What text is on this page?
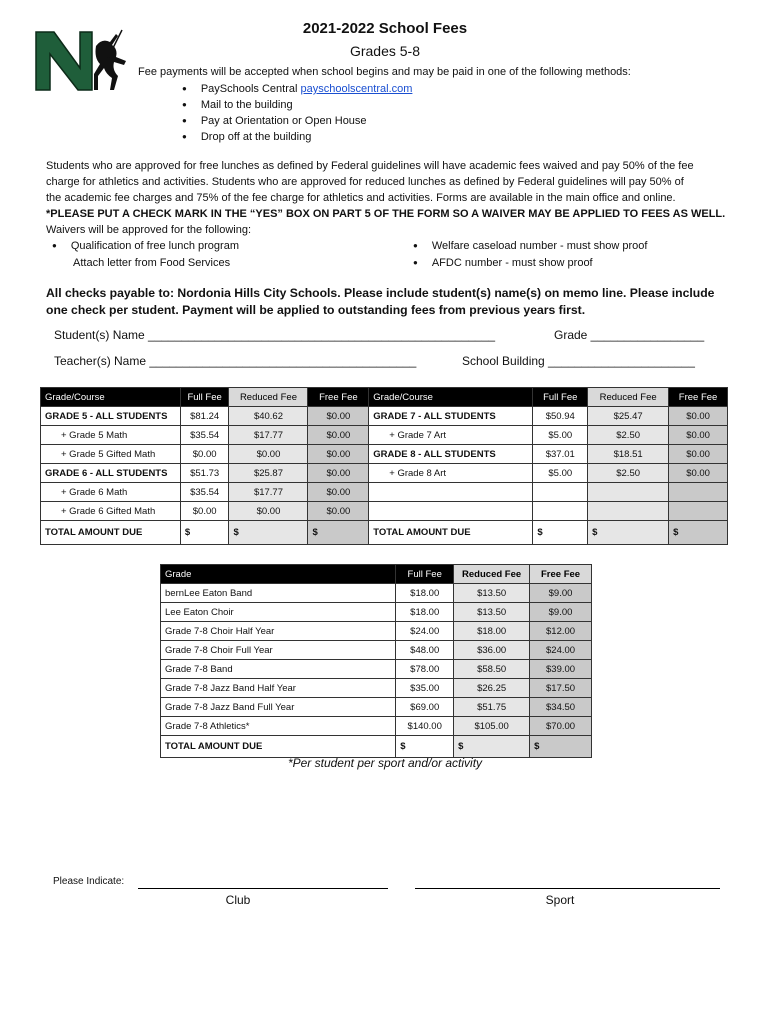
2021-2022 School Fees
Grades 5-8
Fee payments will be accepted when school begins and may be paid in one of the following methods:
● PaySchools Central payschoolscentral.com
● Mail to the building
● Pay at Orientation or Open House
● Drop off at the building

Students who are approved for free lunches as defined by Federal guidelines will have academic fees waived and pay 50% of the fee

charge for athletics and activities. Students who are approved for reduced lunches as defined by Federal guidelines will pay 50% of

the academic fee charges and 75% of the fee charge for athletics and activities. Forms are available in the main office and online.

*PLEASE PUT A CHECK MARK IN THE “YES” BOX ON PART 5 OF THE FORM SO A WAIVER MAY BE APPLIED TO FEES AS WELL.

Waivers will be approved for the following:

● Qualification of free lunch program
Attach letter from Food Services
● Welfare caseload number - must show proof
● AFDC number - must show proof
All checks payable to: Nordonia Hills City Schools. Please include student(s) name(s) on memo line. Please include
one check per student. Payment will be applied to outstanding fees from previous years first.
Student(s) Name ____________________________________________________	Grade _________________
Teacher(s) Name ________________________________________	School Building ______________________
Grade/Course	Full Fee	Reduced Fee	Free Fee	Grade/Course	Full Fee	Reduced Fee	Free Fee
GRADE 5 - ALL STUDENTS	$81.24	$40.62	$0.00	GRADE 7 - ALL STUDENTS	$50.94	$25.47	$0.00
+ Grade 5 Math	$35.54	$17.77	$0.00	+ Grade 7 Art	$5.00	$2.50	$0.00
+ Grade 5 Gifted Math	$0.00	$0.00	$0.00	GRADE 8 - ALL STUDENTS	$37.01	$18.51	$0.00
GRADE 6 - ALL STUDENTS	$51.73	$25.87	$0.00	+ Grade 8 Art	$5.00	$2.50	$0.00
+ Grade 6 Math	$35.54	$17.77	$0.00				
+ Grade 6 Gifted Math	$0.00	$0.00	$0.00				
TOTAL AMOUNT DUE	$	$	$	TOTAL AMOUNT DUE	$	$	$
Grade	Full Fee	Reduced Fee	Free Fee
bernLee Eaton Band	$18.00	$13.50	$9.00
Lee Eaton Choir	$18.00	$13.50	$9.00
Grade 7-8 Choir Half Year	$24.00	$18.00	$12.00
Grade 7-8 Choir Full Year	$48.00	$36.00	$24.00
Grade 7-8 Band	$78.00	$58.50	$39.00
Grade 7-8 Jazz Band Half Year	$35.00	$26.25	$17.50
Grade 7-8 Jazz Band Full Year	$69.00	$51.75	$34.50
Grade 7-8 Athletics*	$140.00	$105.00	$70.00
TOTAL AMOUNT DUE	$	$	$
*Per student per sport and/or activity
Please Indicate:
Club	Sport
